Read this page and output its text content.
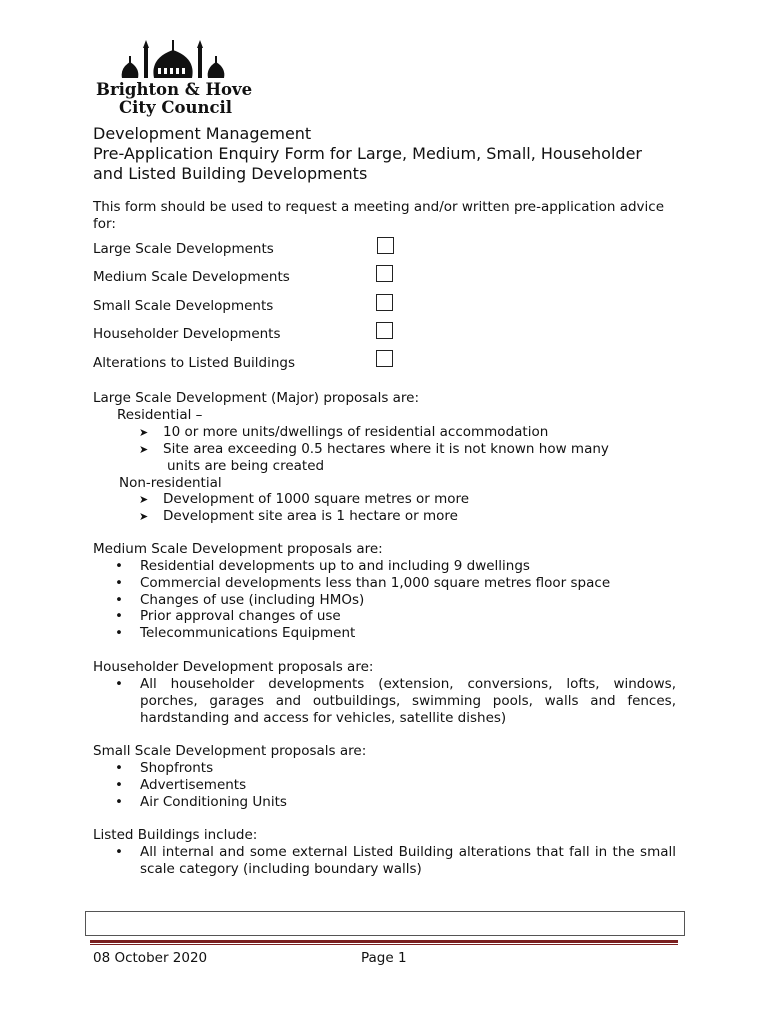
Brighton & Hove
City Council
Development Management
Pre-Application Enquiry Form for Large, Medium, Small, Householder
and Listed Building Developments
This form should be used to request a meeting and/or written pre-application advice for:
Large Scale Developments
Medium Scale Developments
Small Scale Developments
Householder Developments
Alterations to Listed Buildings
Large Scale Development (Major) proposals are:
Residential –
➤ 10 or more units/dwellings of residential accommodation
➤ Site area exceeding 0.5 hectares where it is not known how many
units are being created
Non-residential
➤ Development of 1000 square metres or more
➤ Development site area is 1 hectare or more
Medium Scale Development proposals are:
• Residential developments up to and including 9 dwellings
• Commercial developments less than 1,000 square metres floor space
• Changes of use (including HMOs)
• Prior approval changes of use
• Telecommunications Equipment
Householder Development proposals are:
• All householder developments (extension, conversions, lofts, windows, porches, garages and outbuildings, swimming pools, walls and fences, hardstanding and access for vehicles, satellite dishes)
Small Scale Development proposals are:
• Shopfronts
• Advertisements
• Air Conditioning Units
Listed Buildings include:
• All internal and some external Listed Building alterations that fall in the small scale category (including boundary walls)
08 October 2020	Page 1
